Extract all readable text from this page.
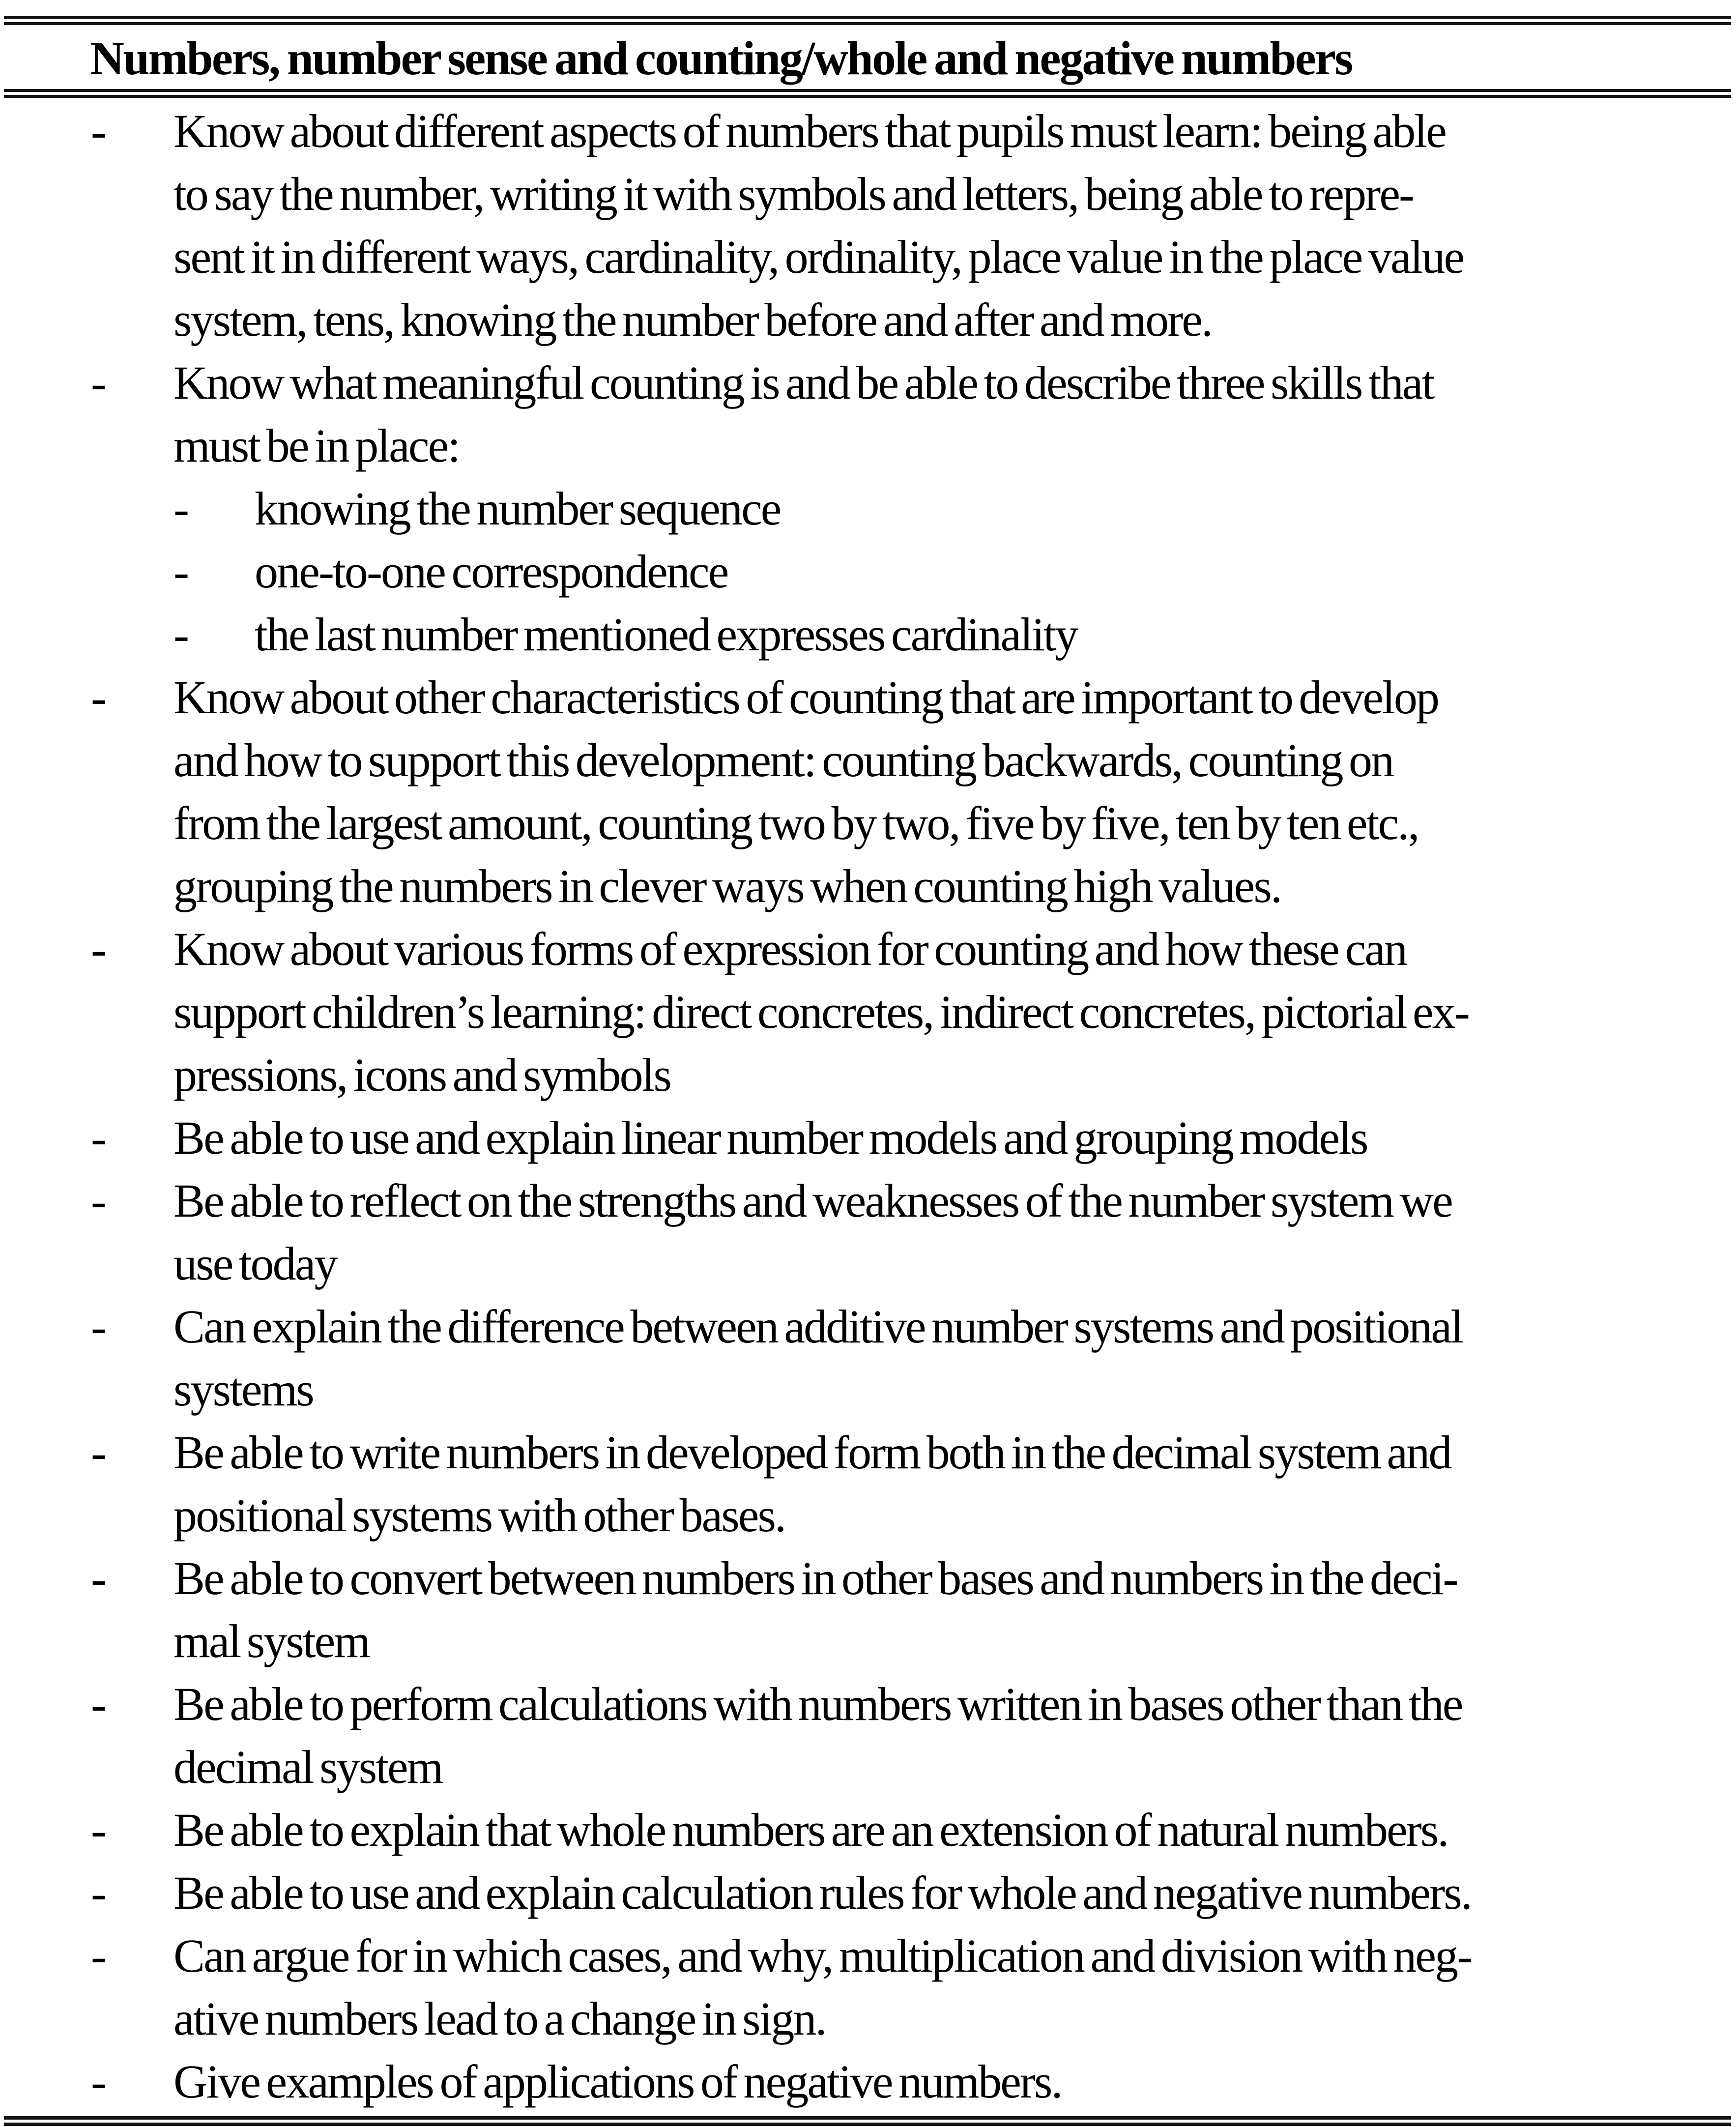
Numbers, number sense and counting/whole and negative numbers
-	Know about different aspects of numbers that pupils must learn: being able
to say the number, writing it with symbols and letters, being able to repre-
sent it in different ways, cardinality, ordinality, place value in the place value
system, tens, knowing the number before and after and more.
-	Know what meaningful counting is and be able to describe three skills that
must be in place:
-	knowing the number sequence
-	one-to-one correspondence
-	the last number mentioned expresses cardinality
-	Know about other characteristics of counting that are important to develop
and how to support this development: counting backwards, counting on
from the largest amount, counting two by two, five by five, ten by ten etc.,
grouping the numbers in clever ways when counting high values.
-	Know about various forms of expression for counting and how these can
support children’s learning: direct concretes, indirect concretes, pictorial ex-
pressions, icons and symbols
-	Be able to use and explain linear number models and grouping models
-	Be able to reflect on the strengths and weaknesses of the number system we
use today
-	Can explain the difference between additive number systems and positional
systems
-	Be able to write numbers in developed form both in the decimal system and
positional systems with other bases.
-	Be able to convert between numbers in other bases and numbers in the deci-
mal system
-	Be able to perform calculations with numbers written in bases other than the
decimal system
-	Be able to explain that whole numbers are an extension of natural numbers.
-	Be able to use and explain calculation rules for whole and negative numbers.
-	Can argue for in which cases, and why, multiplication and division with neg-
ative numbers lead to a change in sign.
-	Give examples of applications of negative numbers.
